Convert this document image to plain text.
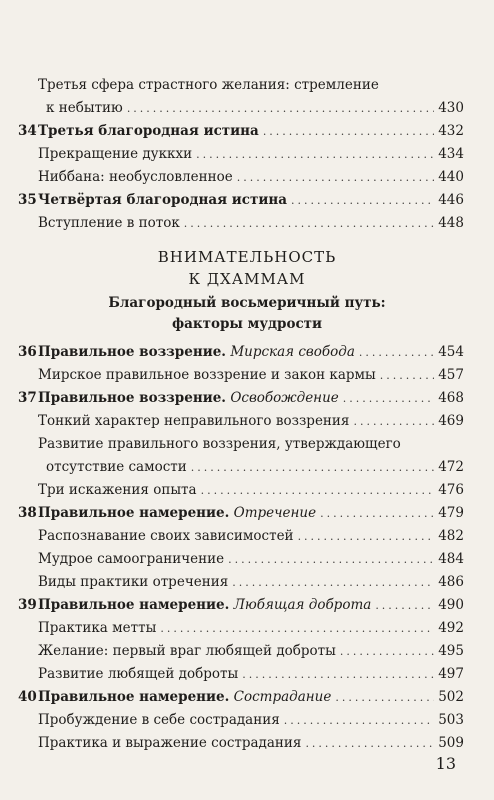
Третья сфера страстного желания: стремление
к небытию .....	430
34 Третья благородная истина .....	432
Прекращение дуккхи .....	434
Ниббана: необусловленное .....	440
35 Четвёртая благородная истина .....	446
Вступление в поток .....	448
ВНИМАТЕЛЬНОСТЬ
К ДХАММАМ
Благородный восьмеричный путь:
факторы мудрости
36 Правильное воззрение. Мирская свобода .....	454
Мирское правильное воззрение и закон кармы .....	457
37 Правильное воззрение. Освобождение .....	468
Тонкий характер неправильного воззрения .....	469
Развитие правильного воззрения, утверждающего
отсутствие самости .....	472
Три искажения опыта .....	476
38 Правильное намерение. Отречение .....	479
Распознавание своих зависимостей .....	482
Мудрое самоограничение .....	484
Виды практики отречения .....	486
39 Правильное намерение. Любящая доброта .....	490
Практика метты .....	492
Желание: первый враг любящей доброты .....	495
Развитие любящей доброты .....	497
40 Правильное намерение. Сострадание .....	502
Пробуждение в себе сострадания .....	503
Практика и выражение сострадания .....	509
13
